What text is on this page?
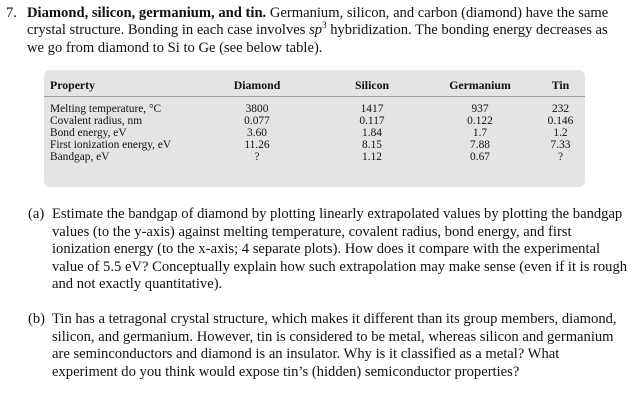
7. Diamond, silicon, germanium, and tin. Germanium, silicon, and carbon (diamond) have the same crystal structure. Bonding in each case involves $sp^3$ hybridization. The bonding energy decreases as we go from diamond to Si to Ge (see below table).
Property	Diamond	Silicon	Germanium	Tin
Melting temperature, °C	3800	1417	937	232
Covalent radius, nm	0.077	0.117	0.122	0.146
Bond energy, eV	3.60	1.84	1.7	1.2
First ionization energy, eV	11.26	8.15	7.88	7.33
Bandgap, eV	?	1.12	0.67	?
(a) Estimate the bandgap of diamond by plotting linearly extrapolated values by plotting the bandgap values (to the y-axis) against melting temperature, covalent radius, bond energy, and first ionization energy (to the x-axis; 4 separate plots). How does it compare with the experimental value of 5.5 eV? Conceptually explain how such extrapolation may make sense (even if it is rough and not exactly quantitative).
(b) Tin has a tetragonal crystal structure, which makes it different than its group members, diamond, silicon, and germanium. However, tin is considered to be metal, whereas silicon and germanium are seminconductors and diamond is an insulator. Why is it classified as a metal? What experiment do you think would expose tin’s (hidden) semiconductor properties?
